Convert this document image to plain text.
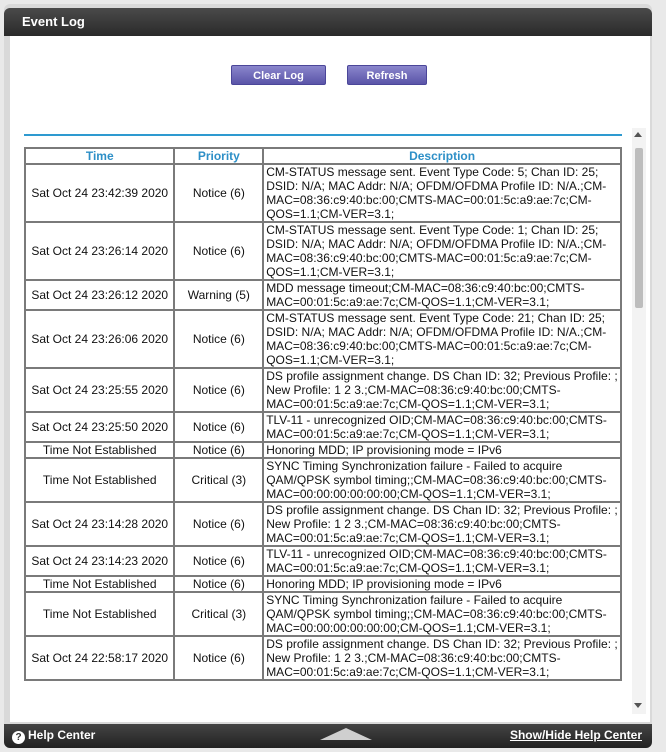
Event Log
Clear Log	Refresh
Time	Priority	Description
Sat Oct 24 23:42:39 2020	Notice (6)	CM-STATUS message sent. Event Type Code: 5; Chan ID: 25; DSID: N/A; MAC Addr: N/A; OFDM/OFDMA Profile ID: N/A.;CM-MAC=08:36:c9:40:bc:00;CMTS-MAC=00:01:5c:a9:ae:7c;CM-QOS=1.1;CM-VER=3.1;
Sat Oct 24 23:26:14 2020	Notice (6)	CM-STATUS message sent. Event Type Code: 1; Chan ID: 25; DSID: N/A; MAC Addr: N/A; OFDM/OFDMA Profile ID: N/A.;CM-MAC=08:36:c9:40:bc:00;CMTS-MAC=00:01:5c:a9:ae:7c;CM-QOS=1.1;CM-VER=3.1;
Sat Oct 24 23:26:12 2020	Warning (5)	MDD message timeout;CM-MAC=08:36:c9:40:bc:00;CMTS-MAC=00:01:5c:a9:ae:7c;CM-QOS=1.1;CM-VER=3.1;
Sat Oct 24 23:26:06 2020	Notice (6)	CM-STATUS message sent. Event Type Code: 21; Chan ID: 25; DSID: N/A; MAC Addr: N/A; OFDM/OFDMA Profile ID: N/A.;CM-MAC=08:36:c9:40:bc:00;CMTS-MAC=00:01:5c:a9:ae:7c;CM-QOS=1.1;CM-VER=3.1;
Sat Oct 24 23:25:55 2020	Notice (6)	DS profile assignment change. DS Chan ID: 32; Previous Profile: ; New Profile: 1 2 3.;CM-MAC=08:36:c9:40:bc:00;CMTS-MAC=00:01:5c:a9:ae:7c;CM-QOS=1.1;CM-VER=3.1;
Sat Oct 24 23:25:50 2020	Notice (6)	TLV-11 - unrecognized OID;CM-MAC=08:36:c9:40:bc:00;CMTS-MAC=00:01:5c:a9:ae:7c;CM-QOS=1.1;CM-VER=3.1;
Time Not Established	Notice (6)	Honoring MDD; IP provisioning mode = IPv6
Time Not Established	Critical (3)	SYNC Timing Synchronization failure - Failed to acquire QAM/QPSK symbol timing;;CM-MAC=08:36:c9:40:bc:00;CMTS-MAC=00:00:00:00:00:00;CM-QOS=1.1;CM-VER=3.1;
Sat Oct 24 23:14:28 2020	Notice (6)	DS profile assignment change. DS Chan ID: 32; Previous Profile: ; New Profile: 1 2 3.;CM-MAC=08:36:c9:40:bc:00;CMTS-MAC=00:01:5c:a9:ae:7c;CM-QOS=1.1;CM-VER=3.1;
Sat Oct 24 23:14:23 2020	Notice (6)	TLV-11 - unrecognized OID;CM-MAC=08:36:c9:40:bc:00;CMTS-MAC=00:01:5c:a9:ae:7c;CM-QOS=1.1;CM-VER=3.1;
Time Not Established	Notice (6)	Honoring MDD; IP provisioning mode = IPv6
Time Not Established	Critical (3)	SYNC Timing Synchronization failure - Failed to acquire QAM/QPSK symbol timing;;CM-MAC=08:36:c9:40:bc:00;CMTS-MAC=00:00:00:00:00:00;CM-QOS=1.1;CM-VER=3.1;
Sat Oct 24 22:58:17 2020	Notice (6)	DS profile assignment change. DS Chan ID: 32; Previous Profile: ; New Profile: 1 2 3.;CM-MAC=08:36:c9:40:bc:00;CMTS-MAC=00:01:5c:a9:ae:7c;CM-QOS=1.1;CM-VER=3.1;
? Help Center	Show/Hide Help Center
